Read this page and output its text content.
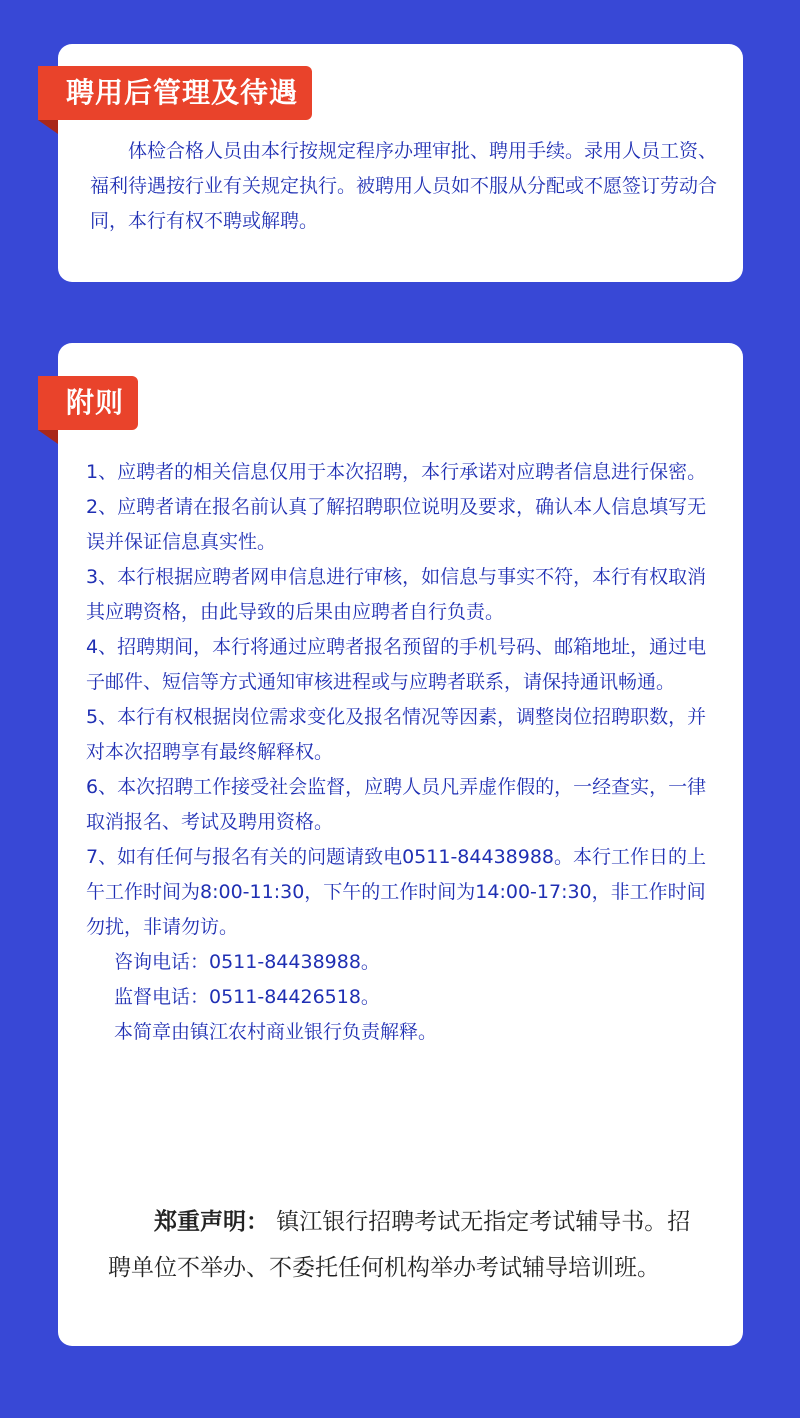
聘用后管理及待遇

体检合格人员由本行按规定程序办理审批、聘用手续。录用人员工资、福利待遇按行业有关规定执行。被聘用人员如不服从分配或不愿签订劳动合同，本行有权不聘或解聘。

附则
1、应聘者的相关信息仅用于本次招聘，本行承诺对应聘者信息进行保密。
2、应聘者请在报名前认真了解招聘职位说明及要求，确认本人信息填写无误并保证信息真实性。
3、本行根据应聘者网申信息进行审核，如信息与事实不符，本行有权取消其应聘资格，由此导致的后果由应聘者自行负责。
4、招聘期间，本行将通过应聘者报名预留的手机号码、邮箱地址，通过电子邮件、短信等方式通知审核进程或与应聘者联系，请保持通讯畅通。
5、本行有权根据岗位需求变化及报名情况等因素，调整岗位招聘职数，并对本次招聘享有最终解释权。
6、本次招聘工作接受社会监督，应聘人员凡弄虚作假的，一经查实，一律取消报名、考试及聘用资格。
7、如有任何与报名有关的问题请致电0511-84438988。本行工作日的上午工作时间为8:00-11:30，下午的工作时间为14:00-17:30，非工作时间勿扰，非请勿访。
咨询电话：0511-84438988。
监督电话：0511-84426518。
本简章由镇江农村商业银行负责解释。

郑重声明： 镇江银行招聘考试无指定考试辅导书。招聘单位不举办、不委托任何机构举办考试辅导培训班。
